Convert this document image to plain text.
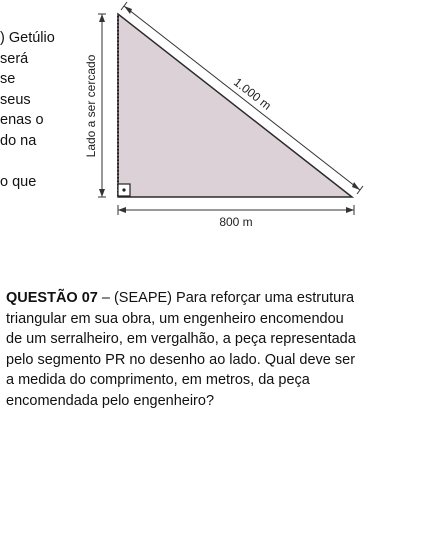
) Getúlio
será
se
seus
enas o
do na

o que
Lado a ser cercado	1.000 m
800 m
QUESTÃO 07 – (SEAPE) Para reforçar uma estrutura
triangular em sua obra, um engenheiro encomendou
de um serralheiro, em vergalhão, a peça representada
pelo segmento PR no desenho ao lado. Qual deve ser
a medida do comprimento, em metros, da peça
encomendada pelo engenheiro?
